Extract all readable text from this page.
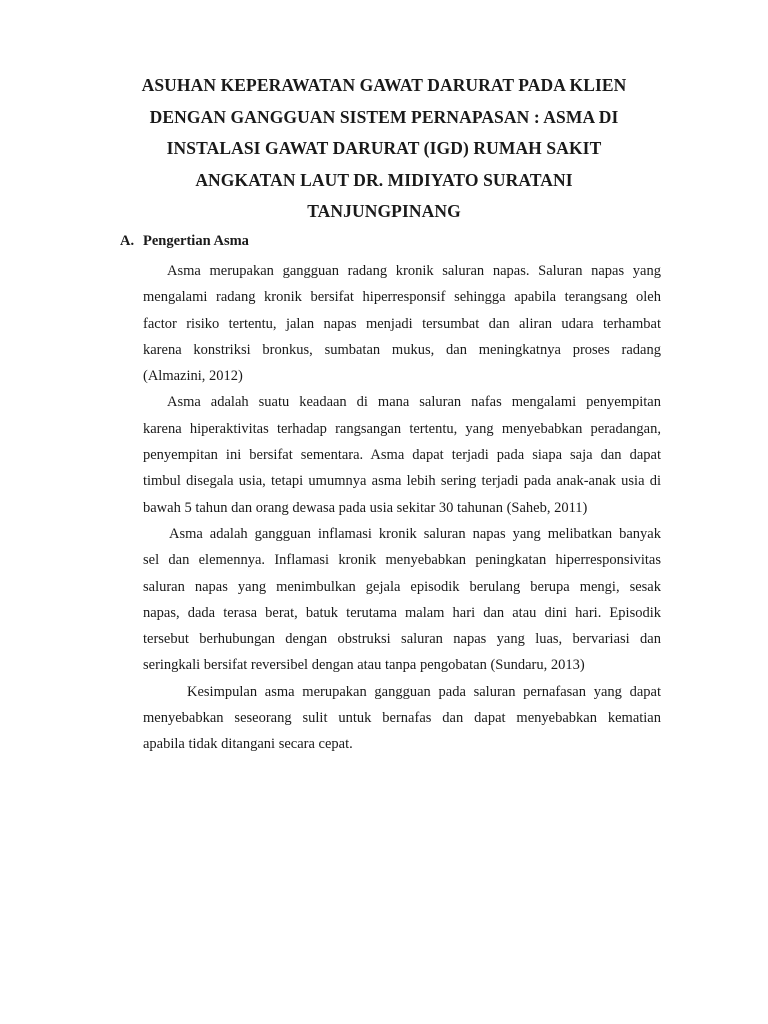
ASUHAN KEPERAWATAN GAWAT DARURAT PADA KLIEN
DENGAN GANGGUAN SISTEM PERNAPASAN : ASMA DI
INSTALASI GAWAT DARURAT (IGD) RUMAH SAKIT
ANGKATAN LAUT DR. MIDIYATO SURATANI
TANJUNGPINANG
A. Pengertian Asma
Asma merupakan gangguan radang kronik saluran napas. Saluran napas yang
mengalami radang kronik bersifat hiperresponsif sehingga apabila terangsang oleh
factor risiko tertentu, jalan napas menjadi tersumbat dan aliran udara terhambat
karena konstriksi bronkus, sumbatan mukus, dan meningkatnya proses radang
(Almazini, 2012)
Asma adalah suatu keadaan di mana saluran nafas mengalami penyempitan
karena hiperaktivitas terhadap rangsangan tertentu, yang menyebabkan peradangan,
penyempitan ini bersifat sementara. Asma dapat terjadi pada siapa saja dan dapat
timbul disegala usia, tetapi umumnya asma lebih sering terjadi pada anak-anak usia di
bawah 5 tahun dan orang dewasa pada usia sekitar 30 tahunan (Saheb, 2011)
Asma adalah gangguan inflamasi kronik saluran napas yang melibatkan banyak
sel dan elemennya. Inflamasi kronik menyebabkan peningkatan hiperresponsivitas
saluran napas yang menimbulkan gejala episodik berulang berupa mengi, sesak
napas, dada terasa berat, batuk terutama malam hari dan atau dini hari. Episodik
tersebut berhubungan dengan obstruksi saluran napas yang luas, bervariasi dan
seringkali bersifat reversibel dengan atau tanpa pengobatan (Sundaru, 2013)
Kesimpulan asma merupakan gangguan pada saluran pernafasan yang dapat
menyebabkan seseorang sulit untuk bernafas dan dapat menyebabkan kematian
apabila tidak ditangani secara cepat.
